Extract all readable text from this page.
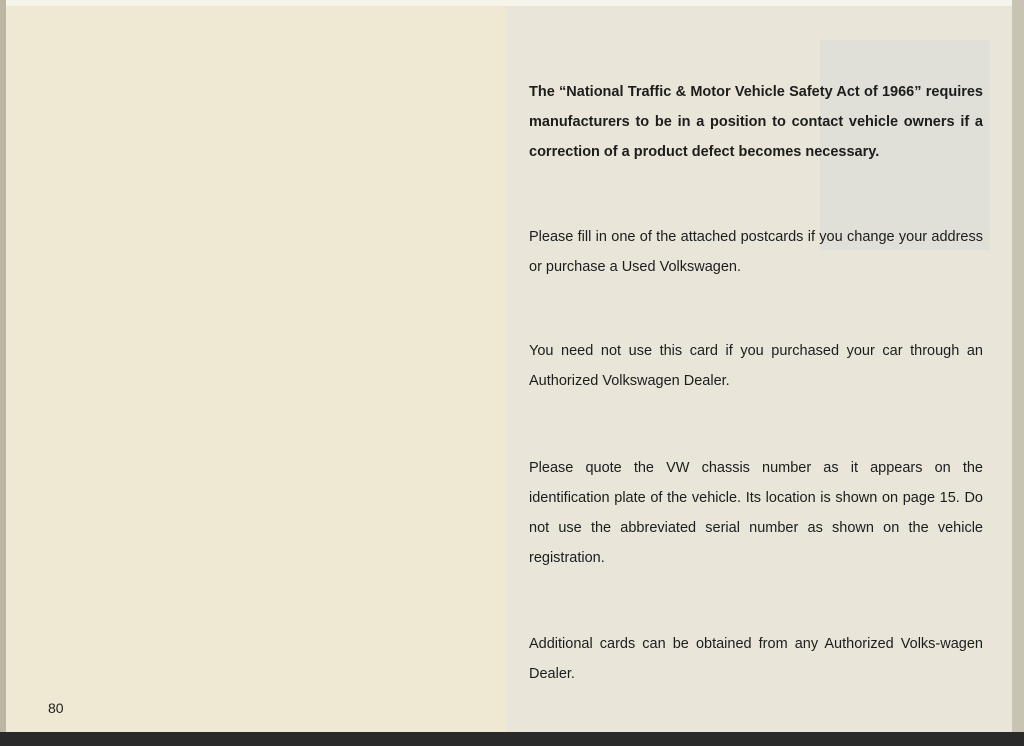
The “National Traffic & Motor Vehicle Safety Act of 1966” requires manufacturers to be in a position to contact vehicle owners if a correction of a product defect becomes necessary.

Please fill in one of the attached postcards if you change your address or purchase a Used Volkswagen.

You need not use this card if you purchased your car through an Authorized Volkswagen Dealer.

Please quote the VW chassis number as it appears on the identification plate of the vehicle. Its location is shown on page 15. Do not use the abbreviated serial number as shown on the vehicle registration.

Additional cards can be obtained from any Authorized Volks-wagen Dealer.

80
